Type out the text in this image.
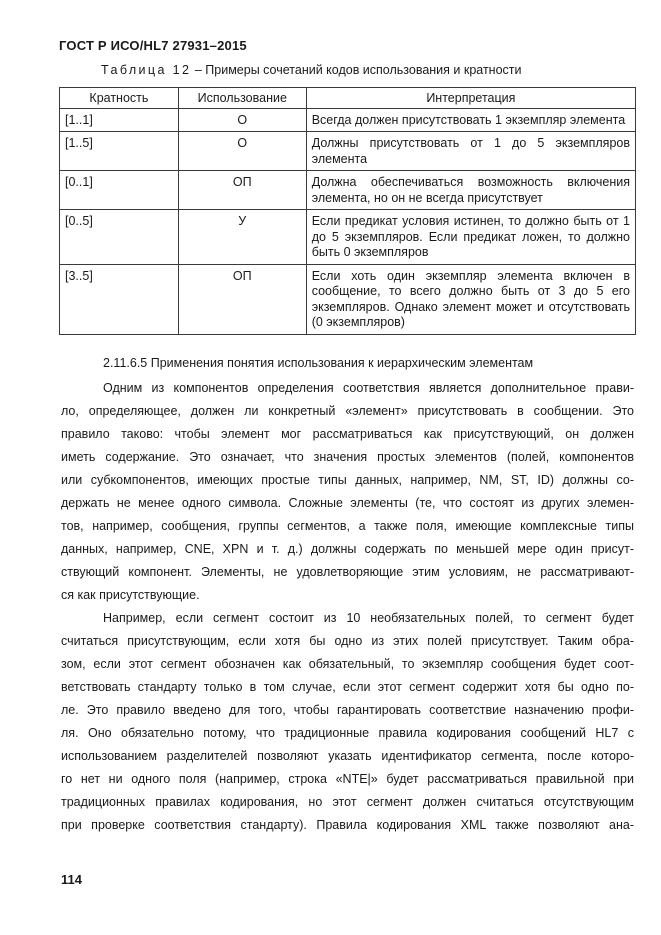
ГОСТ Р ИСО/HL7 27931–2015
Таблица 12 – Примеры сочетаний кодов использования и кратности
Кратность	Использование	Интерпретация
[1..1]	О	Всегда должен присутствовать 1 экземпляр элемента
[1..5]	О	Должны присутствовать от 1 до 5 экземпляров элемента
[0..1]	ОП	Должна обеспечиваться возможность включения элемента, но он не всегда присутствует
[0..5]	У	Если предикат условия истинен, то должно быть от 1 до 5 экземпляров. Если предикат ложен, то должно быть 0 экземпляров
[3..5]	ОП	Если хоть один экземпляр элемента включен в сообщение, то всего должно быть от 3 до 5 его экземпляров. Однако элемент может и отсутствовать (0 экземпляров)
2.11.6.5 Применения понятия использования к иерархическим элементам
Одним из компонентов определения соответствия является дополнительное прави-
ло, определяющее, должен ли конкретный «элемент» присутствовать в сообщении. Это
правило таково: чтобы элемент мог рассматриваться как присутствующий, он должен
иметь содержание. Это означает, что значения простых элементов (полей, компонентов
или субкомпонентов, имеющих простые типы данных, например, NM, ST, ID) должны со-
держать не менее одного символа. Сложные элементы (те, что состоят из других элемен-
тов, например, сообщения, группы сегментов, а также поля, имеющие комплексные типы
данных, например, CNE, XPN и т. д.) должны содержать по меньшей мере один присут-
ствующий компонент. Элементы, не удовлетворяющие этим условиям, не рассматривают-
ся как присутствующие.
Например, если сегмент состоит из 10 необязательных полей, то сегмент будет
считаться присутствующим, если хотя бы одно из этих полей присутствует. Таким обра-
зом, если этот сегмент обозначен как обязательный, то экземпляр сообщения будет соот-
ветствовать стандарту только в том случае, если этот сегмент содержит хотя бы одно по-
ле. Это правило введено для того, чтобы гарантировать соответствие назначению профи-
ля. Оно обязательно потому, что традиционные правила кодирования сообщений HL7 с
использованием разделителей позволяют указать идентификатор сегмента, после которо-
го нет ни одного поля (например, строка «NTE|» будет рассматриваться правильной при
традиционных правилах кодирования, но этот сегмент должен считаться отсутствующим
при проверке соответствия стандарту). Правила кодирования XML также позволяют ана-
114
